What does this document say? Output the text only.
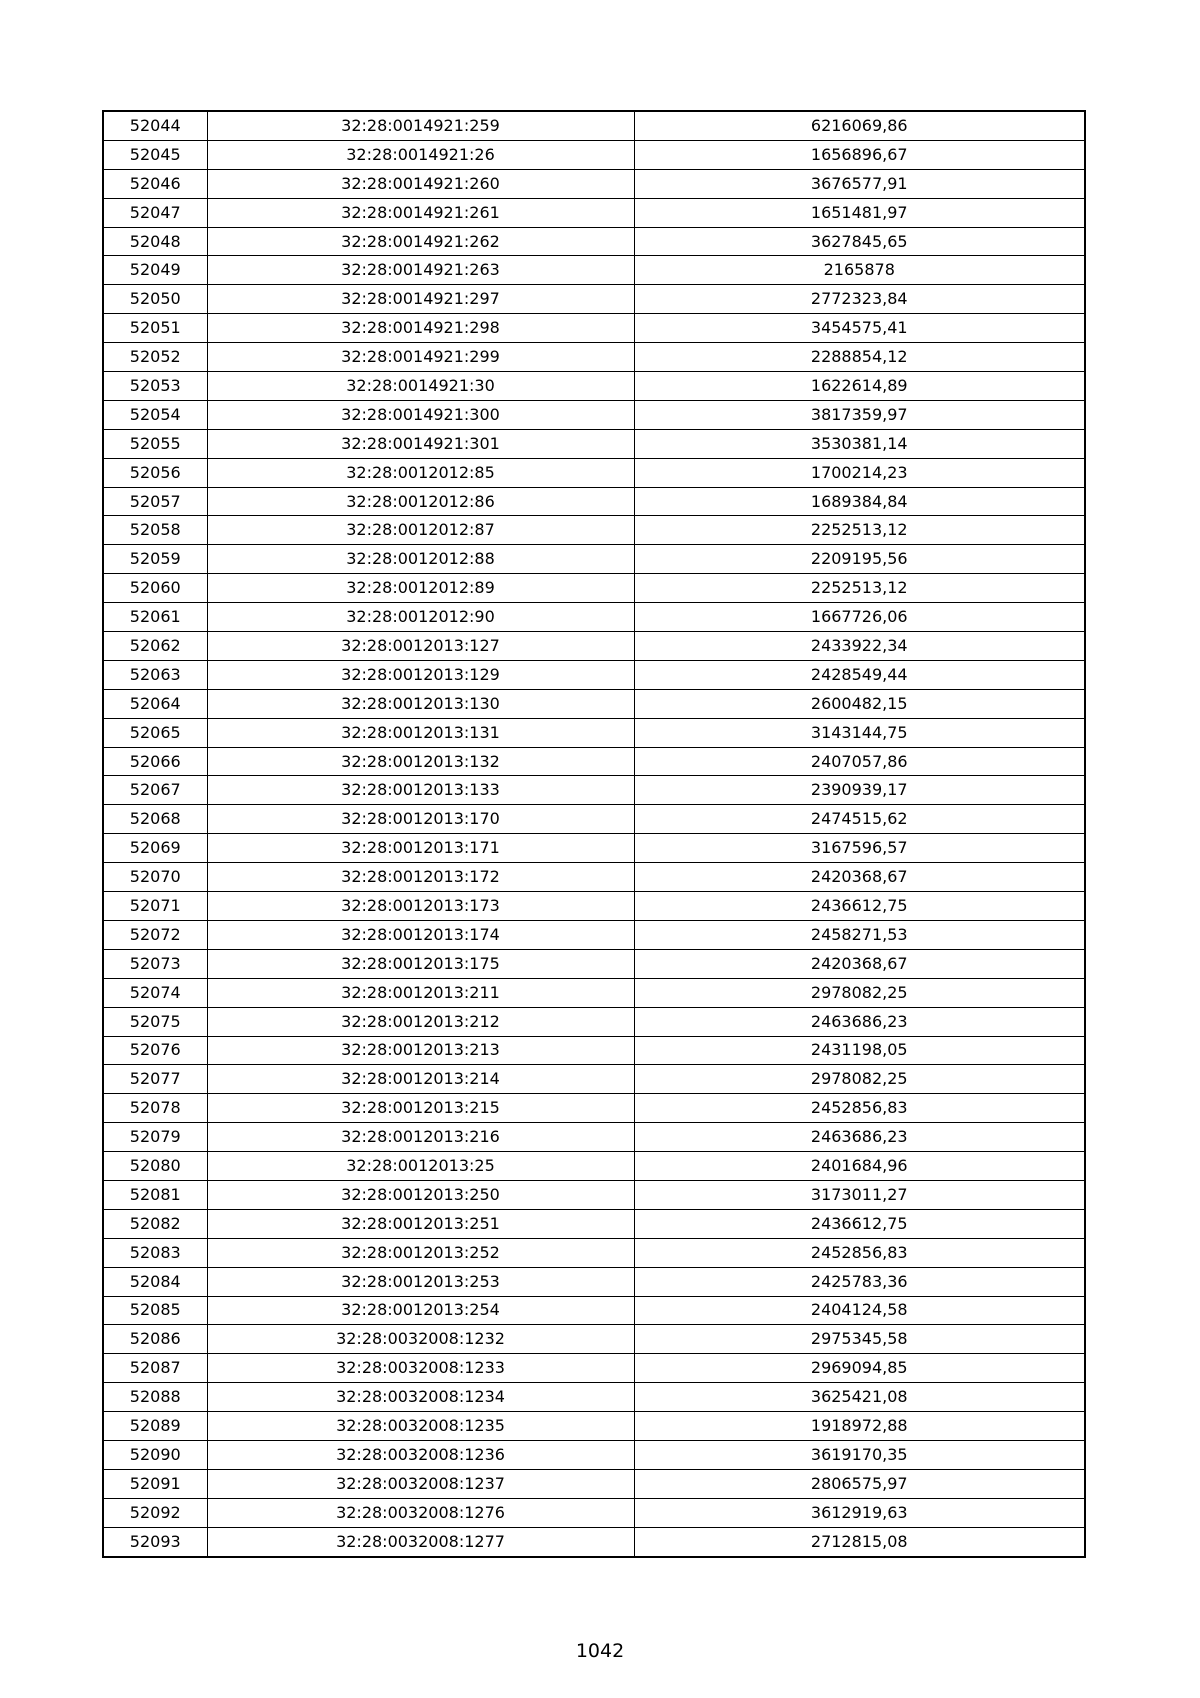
52044	32:28:0014921:259	6216069,86
52045	32:28:0014921:26	1656896,67
52046	32:28:0014921:260	3676577,91
52047	32:28:0014921:261	1651481,97
52048	32:28:0014921:262	3627845,65
52049	32:28:0014921:263	2165878
52050	32:28:0014921:297	2772323,84
52051	32:28:0014921:298	3454575,41
52052	32:28:0014921:299	2288854,12
52053	32:28:0014921:30	1622614,89
52054	32:28:0014921:300	3817359,97
52055	32:28:0014921:301	3530381,14
52056	32:28:0012012:85	1700214,23
52057	32:28:0012012:86	1689384,84
52058	32:28:0012012:87	2252513,12
52059	32:28:0012012:88	2209195,56
52060	32:28:0012012:89	2252513,12
52061	32:28:0012012:90	1667726,06
52062	32:28:0012013:127	2433922,34
52063	32:28:0012013:129	2428549,44
52064	32:28:0012013:130	2600482,15
52065	32:28:0012013:131	3143144,75
52066	32:28:0012013:132	2407057,86
52067	32:28:0012013:133	2390939,17
52068	32:28:0012013:170	2474515,62
52069	32:28:0012013:171	3167596,57
52070	32:28:0012013:172	2420368,67
52071	32:28:0012013:173	2436612,75
52072	32:28:0012013:174	2458271,53
52073	32:28:0012013:175	2420368,67
52074	32:28:0012013:211	2978082,25
52075	32:28:0012013:212	2463686,23
52076	32:28:0012013:213	2431198,05
52077	32:28:0012013:214	2978082,25
52078	32:28:0012013:215	2452856,83
52079	32:28:0012013:216	2463686,23
52080	32:28:0012013:25	2401684,96
52081	32:28:0012013:250	3173011,27
52082	32:28:0012013:251	2436612,75
52083	32:28:0012013:252	2452856,83
52084	32:28:0012013:253	2425783,36
52085	32:28:0012013:254	2404124,58
52086	32:28:0032008:1232	2975345,58
52087	32:28:0032008:1233	2969094,85
52088	32:28:0032008:1234	3625421,08
52089	32:28:0032008:1235	1918972,88
52090	32:28:0032008:1236	3619170,35
52091	32:28:0032008:1237	2806575,97
52092	32:28:0032008:1276	3612919,63
52093	32:28:0032008:1277	2712815,08
1042
